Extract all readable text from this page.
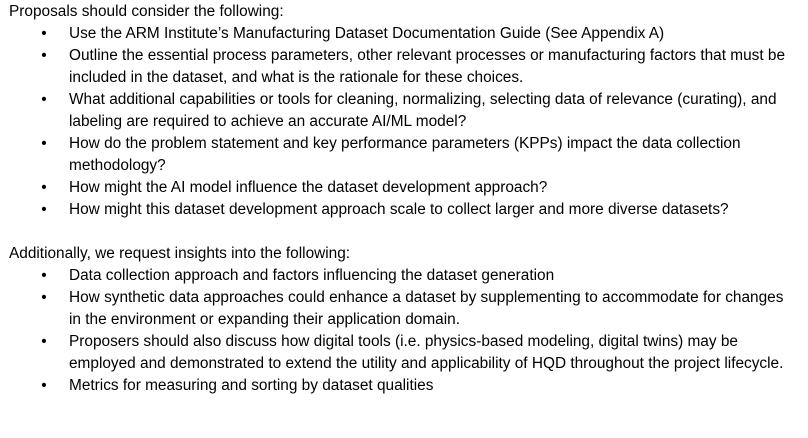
Proposals should consider the following:

• Use the ARM Institute’s Manufacturing Dataset Documentation Guide (See Appendix A)
• Outline the essential process parameters, other relevant processes or manufacturing factors that must be included in the dataset, and what is the rationale for these choices.
• What additional capabilities or tools for cleaning, normalizing, selecting data of relevance (curating), and labeling are required to achieve an accurate AI/ML model?
• How do the problem statement and key performance parameters (KPPs) impact the data collection methodology?
• How might the AI model influence the dataset development approach?
• How might this dataset development approach scale to collect larger and more diverse datasets?

Additionally, we request insights into the following:

• Data collection approach and factors influencing the dataset generation
• How synthetic data approaches could enhance a dataset by supplementing to accommodate for changes in the environment or expanding their application domain.
• Proposers should also discuss how digital tools (i.e. physics-based modeling, digital twins) may be employed and demonstrated to extend the utility and applicability of HQD throughout the project lifecycle.
• Metrics for measuring and sorting by dataset qualities
